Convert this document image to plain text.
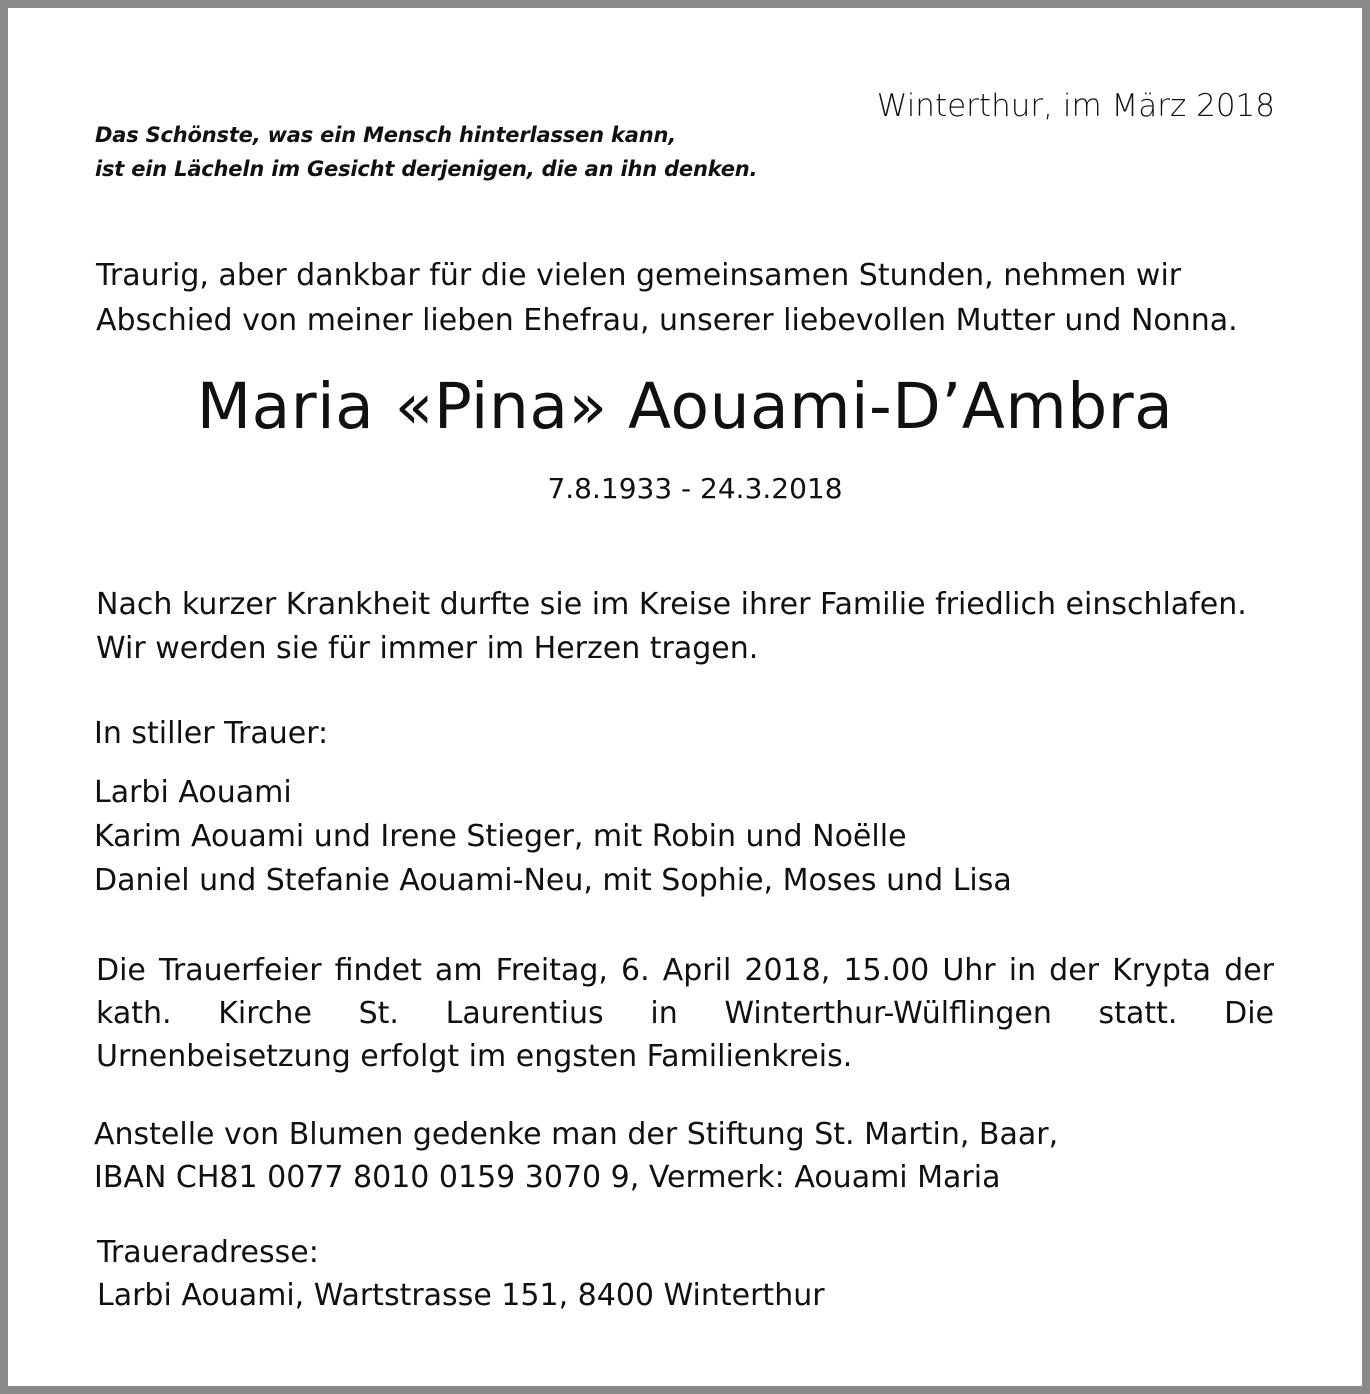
Das Schönste, was ein Mensch hinterlassen kann,
ist ein Lächeln im Gesicht derjenigen, die an ihn denken.
Winterthur, im März 2018
Traurig, aber dankbar für die vielen gemeinsamen Stunden, nehmen wir
Abschied von meiner lieben Ehefrau, unserer liebevollen Mutter und Nonna.
Maria «Pina» Aouami-D’Ambra
7.8.1933 - 24.3.2018
Nach kurzer Krankheit durfte sie im Kreise ihrer Familie friedlich einschlafen. Wir werden sie für immer im Herzen tragen.
In stiller Trauer:
Larbi Aouami
Karim Aouami und Irene Stieger, mit Robin und Noëlle
Daniel und Stefanie Aouami-Neu, mit Sophie, Moses und Lisa
Die Trauerfeier findet am Freitag, 6. April 2018, 15.00 Uhr in der Krypta der kath. Kirche St. Laurentius in Winterthur-Wülflingen statt. Die Urnenbeisetzung erfolgt im engsten Familienkreis.
Anstelle von Blumen gedenke man der Stiftung St. Martin, Baar,
IBAN CH81 0077 8010 0159 3070 9, Vermerk: Aouami Maria
Traueradresse:
Larbi Aouami, Wartstrasse 151, 8400 Winterthur
